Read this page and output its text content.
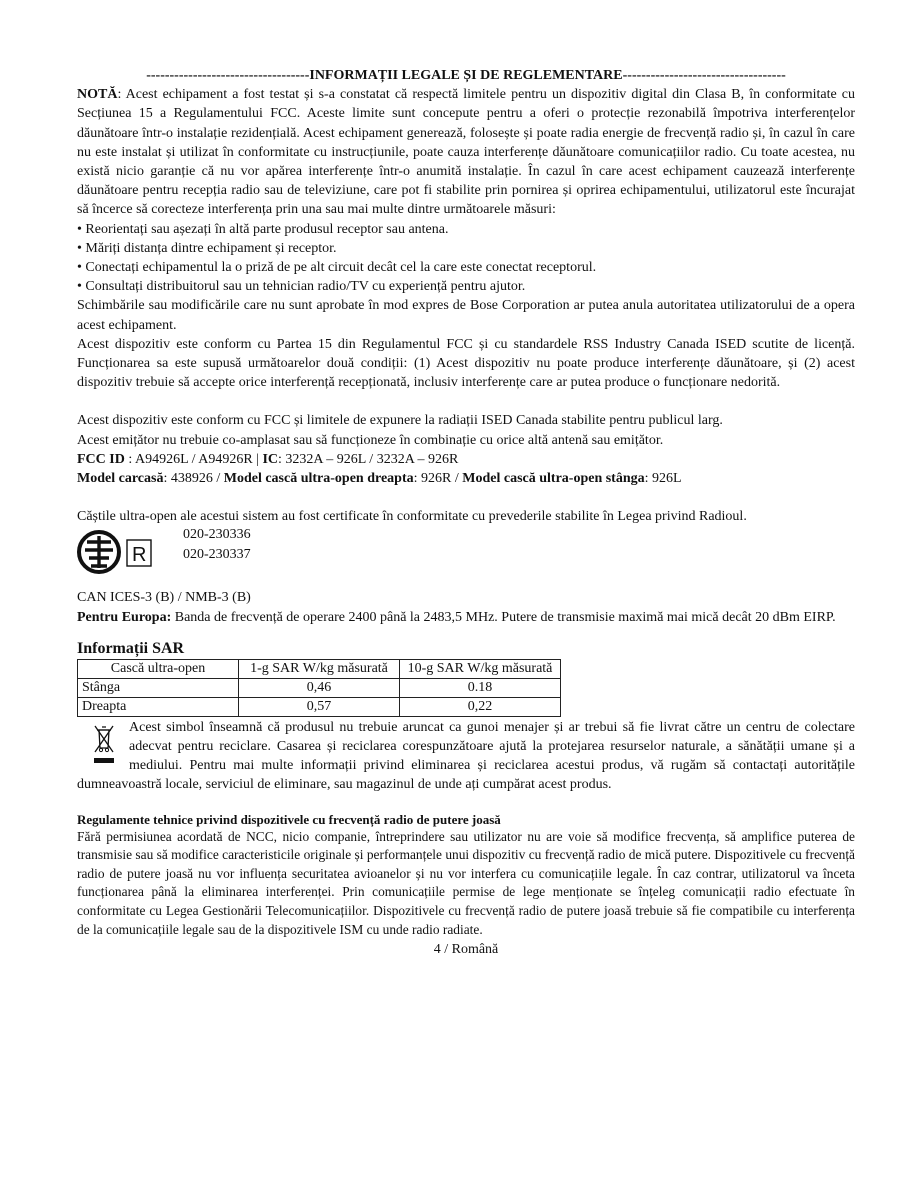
-----------------------------------INFORMAȚII LEGALE ȘI DE REGLEMENTARE-----------------------------------

NOTĂ: Acest echipament a fost testat și s-a constatat că respectă limitele pentru un dispozitiv digital din Clasa B, în conformitate cu Secțiunea 15 a Regulamentului FCC. Aceste limite sunt concepute pentru a oferi o protecție rezonabilă împotriva interferențelor dăunătoare într-o instalație rezidențială. Acest echipament generează, folosește și poate radia energie de frecvență radio și, în cazul în care nu este instalat și utilizat în conformitate cu instrucțiunile, poate cauza interferențe dăunătoare comunicațiilor radio. Cu toate acestea, nu există nicio garanție că nu vor apărea interferențe într-o anumită instalație. În cazul în care acest echipament cauzează interferențe dăunătoare pentru recepția radio sau de televiziune, care pot fi stabilite prin pornirea și oprirea echipamentului, utilizatorul este încurajat să încerce să corecteze interferența prin una sau mai multe dintre următoarele măsuri:

• Reorientați sau așezați în altă parte produsul receptor sau antena.
• Măriți distanța dintre echipament și receptor.
• Conectați echipamentul la o priză de pe alt circuit decât cel la care este conectat receptorul.
• Consultați distribuitorul sau un tehnician radio/TV cu experiență pentru ajutor.

Schimbările sau modificările care nu sunt aprobate în mod expres de Bose Corporation ar putea anula autoritatea utilizatorului de a opera acest echipament.

Acest dispozitiv este conform cu Partea 15 din Regulamentul FCC și cu standardele RSS Industry Canada ISED scutite de licență. Funcționarea sa este supusă următoarelor două condiții: (1) Acest dispozitiv nu poate produce interferențe dăunătoare, și (2) acest dispozitiv trebuie să accepte orice interferență recepționată, inclusiv interferențe care ar putea produce o funcționare nedorită.

Acest dispozitiv este conform cu FCC și limitele de expunere la radiații ISED Canada stabilite pentru publicul larg.

Acest emițător nu trebuie co-amplasat sau să funcționeze în combinație cu orice altă antenă sau emițător.

FCC ID : A94926L / A94926R | IC: 3232A – 926L / 3232A – 926R

Model carcasă: 438926 / Model cască ultra-open dreapta: 926R / Model cască ultra-open stânga: 926L

Căștile ultra-open ale acestui sistem au fost certificate în conformitate cu prevederile stabilite în Legea privind Radioul.

R
020-230336
020-230337

CAN ICES-3 (B) / NMB-3 (B)

Pentru Europa: Banda de frecvență de operare 2400 până la 2483,5 MHz. Putere de transmisie maximă mai mică decât 20 dBm EIRP.

Informații SAR
Cască ultra-open	1-g SAR W/kg măsurată	10-g SAR W/kg măsurată
Stânga	0,46	0.18
Dreapta	0,57	0,22

Acest simbol înseamnă că produsul nu trebuie aruncat ca gunoi menajer și ar trebui să fie livrat către un centru de colectare adecvat pentru reciclare. Casarea și reciclarea corespunzătoare ajută la protejarea resurselor naturale, a sănătății umane și a mediului. Pentru mai multe informații privind eliminarea și reciclarea acestui produs, vă rugăm să contactați autoritățile dumneavoastră locale, serviciul de eliminare, sau magazinul de unde ați cumpărat acest produs.

Regulamente tehnice privind dispozitivele cu frecvență radio de putere joasă

Fără permisiunea acordată de NCC, nicio companie, întreprindere sau utilizator nu are voie să modifice frecvența, să amplifice puterea de transmisie sau să modifice caracteristicile originale și performanțele unui dispozitiv cu frecvență radio de mică putere. Dispozitivele cu frecvență radio de putere joasă nu vor influența securitatea avioanelor și nu vor interfera cu comunicațiile legale. În caz contrar, utilizatorul va înceta funcționarea până la eliminarea interferenței. Prin comunicațiile permise de lege menționate se înțeleg comunicații radio efectuate în conformitate cu Legea Gestionării Telecomunicațiilor. Dispozitivele cu frecvență radio de putere joasă trebuie să fie compatibile cu interferența de la comunicațiile legale sau de la dispozitivele ISM cu unde radio radiate.

4 / Română
